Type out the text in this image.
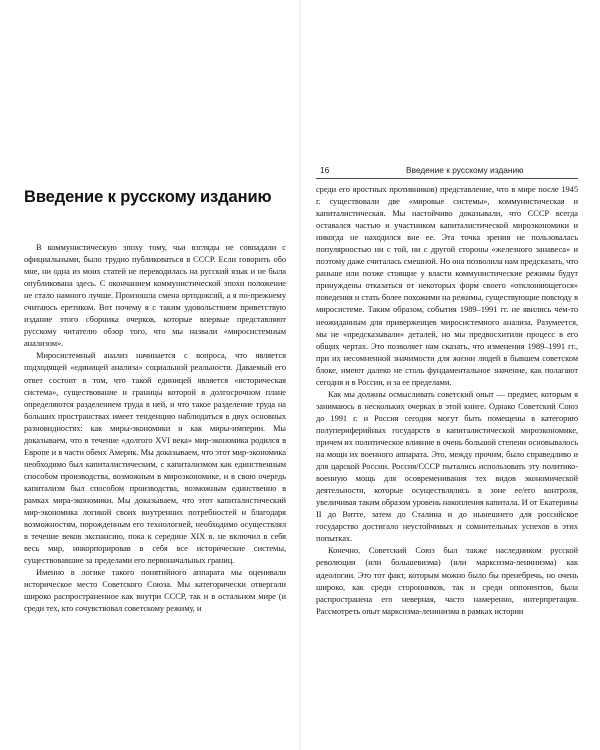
Введение к русскому изданию

В коммунистическую эпоху тому, чьи взгляды не совпадали с официальными, было трудно публиковаться в СССР. Если говорить обо мне, ни одна из моих статей не переводилась на русский язык и не была опубликована здесь. С окончанием коммунистической эпохи положение не стало намного лучше. Произошла смена ортодоксий, а я по-прежнему считаюсь еретиком. Вот почему я с таким удовольствием приветствую издание этого сборника очерков, которые впервые представляют русскому читателю обзор того, что мы назвали «миросистемным анализом».

Миросистемный анализ начинается с вопроса, что является подходящей «единицей анализа» социальной реальности. Даваемый его ответ состоит в том, что такой единицей является «историческая система», существование и границы которой в долгосрочном плане определяются разделением труда в ней, и что такое разделение труда на больших пространствах имеет тенденцию наблюдаться в двух основных разновидностях: как миры-экономики и как миры-империи. Мы доказываем, что в течение «долгого XVI века» мир-экономика родился в Европе и в части обеих Америк. Мы доказываем, что этот мир-экономика необходимо был капиталистическим, с капитализмом как единственным способом производства, возможным в мироэкономике, и в свою очередь капитализм был способом производства, возможным единственно в рамках мира-экономики. Мы доказываем, что этот капиталистический мир-экономика логикой своих внутренних потребностей и благодаря возможностям, порожденным его технологией, необходимо осуществлял в течение веков экспансию, пока к середине XIX в. не включил в себя весь мир, инкорпорировав в себя все исторические системы, существовавшие за пределами его первоначальных границ.

Именно в логике такого понятийного аппарата мы оценивали историческое место Советского Союза. Мы категорически отвергали широко распространенное как внутри СССР, так и в остальном мире (и среди тех, кто сочувствовал советскому режиму, и

16	Введение к русскому изданию

среди его яростных противников) представление, что в мире после 1945 г. существовали две «мировые системы», коммунистическая и капиталистическая. Мы настойчиво доказывали, что СССР всегда оставался частью и участником капиталистической мироэкономики и никогда не находился вне ее. Эта точка зрения не пользовалась популярностью ни с той, ни с другой стороны «железного занавеса» и поэтому даже считалась смешной. Но она позволила нам предсказать, что раньше или позже стоящие у власти коммунистические режимы будут принуждены отказаться от некоторых форм своего «отклоняющегося» поведения и стать более похожими на режимы, существующие повсюду в миросистеме. Таким образом, события 1989–1991 гг. не явились чем-то неожиданным для приверженцев миросистемного анализа. Разумеется, мы не «предсказывали» деталей, но мы предвосхитили процесс в его общих чертах. Это позволяет нам сказать, что изменения 1989–1991 гг., при их несомненной значимости для жизни людей в бывшем советском блоке, имеют далеко не столь фундаментальное значение, как полагают сегодня и в России, и за ее пределами.

Как мы должны осмысливать советский опыт — предмет, которым я занимаюсь в нескольких очерках в этой книге. Однако Советский Союз до 1991 г. и Россия сегодня могут быть помещены в категорию полупериферийных государств в капиталистической мироэкономике, причем их политическое влияние в очень большой степени основывалось на мощи их военного аппарата. Это, между прочим, было справедливо и для царской России. Россия/СССР пытались использовать эту политико-военную мощь для осовременивания тех видов экономической деятельности, которые осуществлялись в зоне ее/его контроля, увеличивая таким образом уровень накопления капитала. И от Екатерины II до Витте, затем до Сталина и до нынешнего для российское государство достигало неустойчивых и сомнительных успехов в этих попытках.

Конечно, Советский Союз был также наследником русской революции (или большевизма) (или марксизма-ленинизма) как идеологии. Это тот факт, которым можно было бы пренебречь, но очень широко, как среди сторонников, так и среди оппонентов, была распространена его неверная, часто намеренно, интерпретация. Рассмотреть опыт марксизма-ленинизма в рамках истории
